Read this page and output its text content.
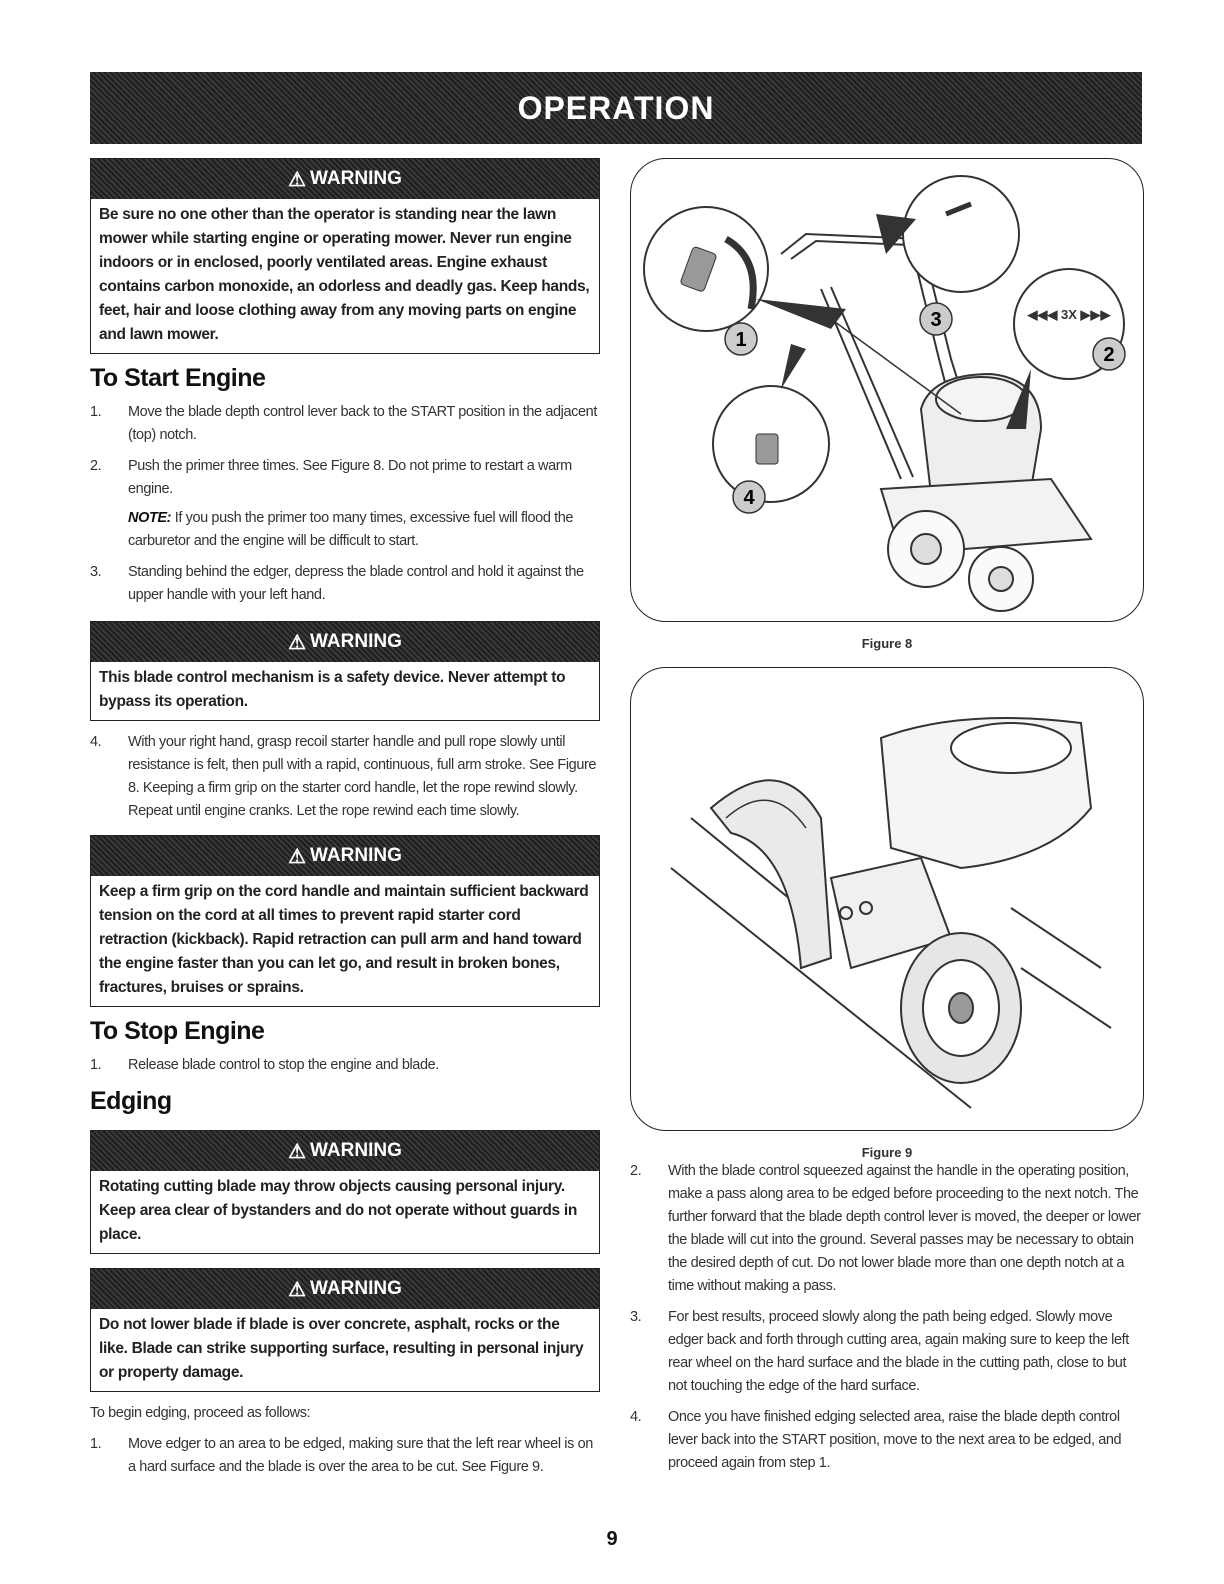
OPERATION
⚠ WARNING
Be sure no one other than the operator is standing near the lawn mower while starting engine or operating mower. Never run engine indoors or in enclosed, poorly ventilated areas. Engine exhaust contains carbon monoxide, an odorless and deadly gas. Keep hands, feet, hair and loose clothing away from any moving parts on engine and lawn mower.
To Start Engine
1.	Move the blade depth control lever back to the START position in the adjacent (top) notch.
2.	Push the primer three times. See Figure 8. Do not prime to restart a warm engine.
NOTE: If you push the primer too many times, excessive fuel will flood the carburetor and the engine will be difficult to start.
3.	Standing behind the edger, depress the blade control and hold it against the upper handle with your left hand.
⚠ WARNING
This blade control mechanism is a safety device. Never attempt to bypass its operation.
4.	With your right hand, grasp recoil starter handle and pull rope slowly until resistance is felt, then pull with a rapid, continuous, full arm stroke. See Figure 8. Keeping a firm grip on the starter cord handle, let the rope rewind slowly. Repeat until engine cranks. Let the rope rewind each time slowly.
⚠ WARNING
Keep a firm grip on the cord handle and maintain sufficient backward tension on the cord at all times to prevent rapid starter cord retraction (kickback). Rapid retraction can pull arm and hand toward the engine faster than you can let go, and result in broken bones, fractures, bruises or sprains.
To Stop Engine
1.	Release blade control to stop the engine and blade.
Edging
⚠ WARNING
Rotating cutting blade may throw objects causing personal injury. Keep area clear of bystanders and do not operate without guards in place.
⚠ WARNING
Do not lower blade if blade is over concrete, asphalt, rocks or the like. Blade can strike supporting surface, resulting in personal injury or property damage.
To begin edging, proceed as follows:
1.	Move edger to an area to be edged, making sure that the left rear wheel is on a hard surface and the blade is over the area to be cut. See Figure 9.
1
2
3
4
◀◀◀ 3X ▶▶▶
Figure 8
Figure 9
2.	With the blade control squeezed against the handle in the operating position, make a pass along area to be edged before proceeding to the next notch. The further forward that the blade depth control lever is moved, the deeper or lower the blade will cut into the ground. Several passes may be necessary to obtain the desired depth of cut. Do not lower blade more than one depth notch at a time without making a pass.
3.	For best results, proceed slowly along the path being edged. Slowly move edger back and forth through cutting area, again making sure to keep the left rear wheel on the hard surface and the blade in the cutting path, close to but not touching the edge of the hard surface.
4.	Once you have finished edging selected area, raise the blade depth control lever back into the START position, move to the next area to be edged, and proceed again from step 1.
9
